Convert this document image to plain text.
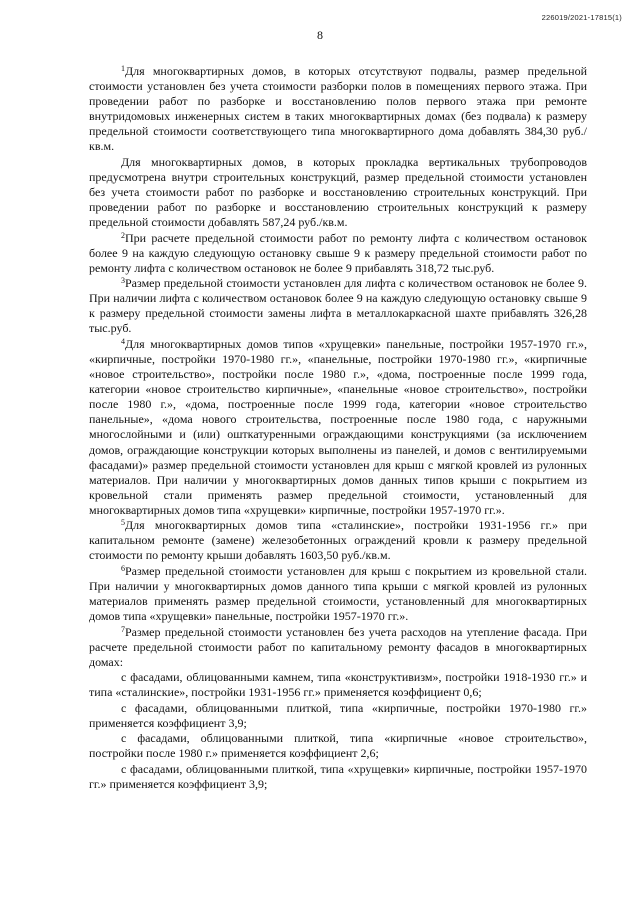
226019/2021-17815(1)
8

$^1$Для многоквартирных домов, в которых отсутствуют подвалы, размер предельной стоимости установлен без учета стоимости разборки полов в помещениях первого этажа. При проведении работ по разборке и восстановлению полов первого этажа при ремонте внутридомовых инженерных систем в таких многоквартирных домах (без подвала) к размеру предельной стоимости соответствующего типа многоквартирного дома добавлять 384,30 руб./кв.м.

Для многоквартирных домов, в которых прокладка вертикальных трубопроводов предусмотрена внутри строительных конструкций, размер предельной стоимости установлен без учета стоимости работ по разборке и восстановлению строительных конструкций. При проведении работ по разборке и восстановлению строительных конструкций к размеру предельной стоимости добавлять 587,24 руб./кв.м.

$^2$При расчете предельной стоимости работ по ремонту лифта с количеством остановок более 9 на каждую следующую остановку свыше 9 к размеру предельной стоимости работ по ремонту лифта с количеством остановок не более 9 прибавлять 318,72 тыс.руб.

$^3$Размер предельной стоимости установлен для лифта с количеством остановок не более 9. При наличии лифта с количеством остановок более 9 на каждую следующую остановку свыше 9 к размеру предельной стоимости замены лифта в металлокаркасной шахте прибавлять 326,28 тыс.руб.

$^4$Для многоквартирных домов типов «хрущевки» панельные, постройки 1957-1970 гг.», «кирпичные, постройки 1970-1980 гг.», «панельные, постройки 1970-1980 гг.», «кирпичные «новое строительство», постройки после 1980 г.», «дома, построенные после 1999 года, категории «новое строительство кирпичные», «панельные «новое строительство», постройки после 1980 г.», «дома, построенные после 1999 года, категории «новое строительство панельные», «дома нового строительства, построенные после 1980 года, с наружными многослойными и (или) ошткатуренными ограждающими конструкциями (за исключением домов, ограждающие конструкции которых выполнены из панелей, и домов с вентилируемыми фасадами)» размер предельной стоимости установлен для крыш с мягкой кровлей из рулонных материалов. При наличии у многоквартирных домов данных типов крыши с покрытием из кровельной стали применять размер предельной стоимости, установленный для многоквартирных домов типа «хрущевки» кирпичные, постройки 1957-1970 гг.».

$^5$Для многоквартирных домов типа «сталинские», постройки 1931-1956 гг.» при капитальном ремонте (замене) железобетонных ограждений кровли к размеру предельной стоимости по ремонту крыши добавлять 1603,50 руб./кв.м.

$^6$Размер предельной стоимости установлен для крыш с покрытием из кровельной стали. При наличии у многоквартирных домов данного типа крыши с мягкой кровлей из рулонных материалов применять размер предельной стоимости, установленный для многоквартирных домов типа «хрущевки» панельные, постройки 1957-1970 гг.».

$^7$Размер предельной стоимости установлен без учета расходов на утепление фасада. При расчете предельной стоимости работ по капитальному ремонту фасадов в многоквартирных домах:

с фасадами, облицованными камнем, типа «конструктивизм», постройки 1918-1930 гг.» и типа «сталинские», постройки 1931-1956 гг.» применяется коэффициент 0,6;

с фасадами, облицованными плиткой, типа «кирпичные, постройки 1970-1980 гг.» применяется коэффициент 3,9;

с фасадами, облицованными плиткой, типа «кирпичные «новое строительство», постройки после 1980 г.» применяется коэффициент 2,6;

с фасадами, облицованными плиткой, типа «хрущевки» кирпичные, постройки 1957-1970 гг.» применяется коэффициент 3,9;
